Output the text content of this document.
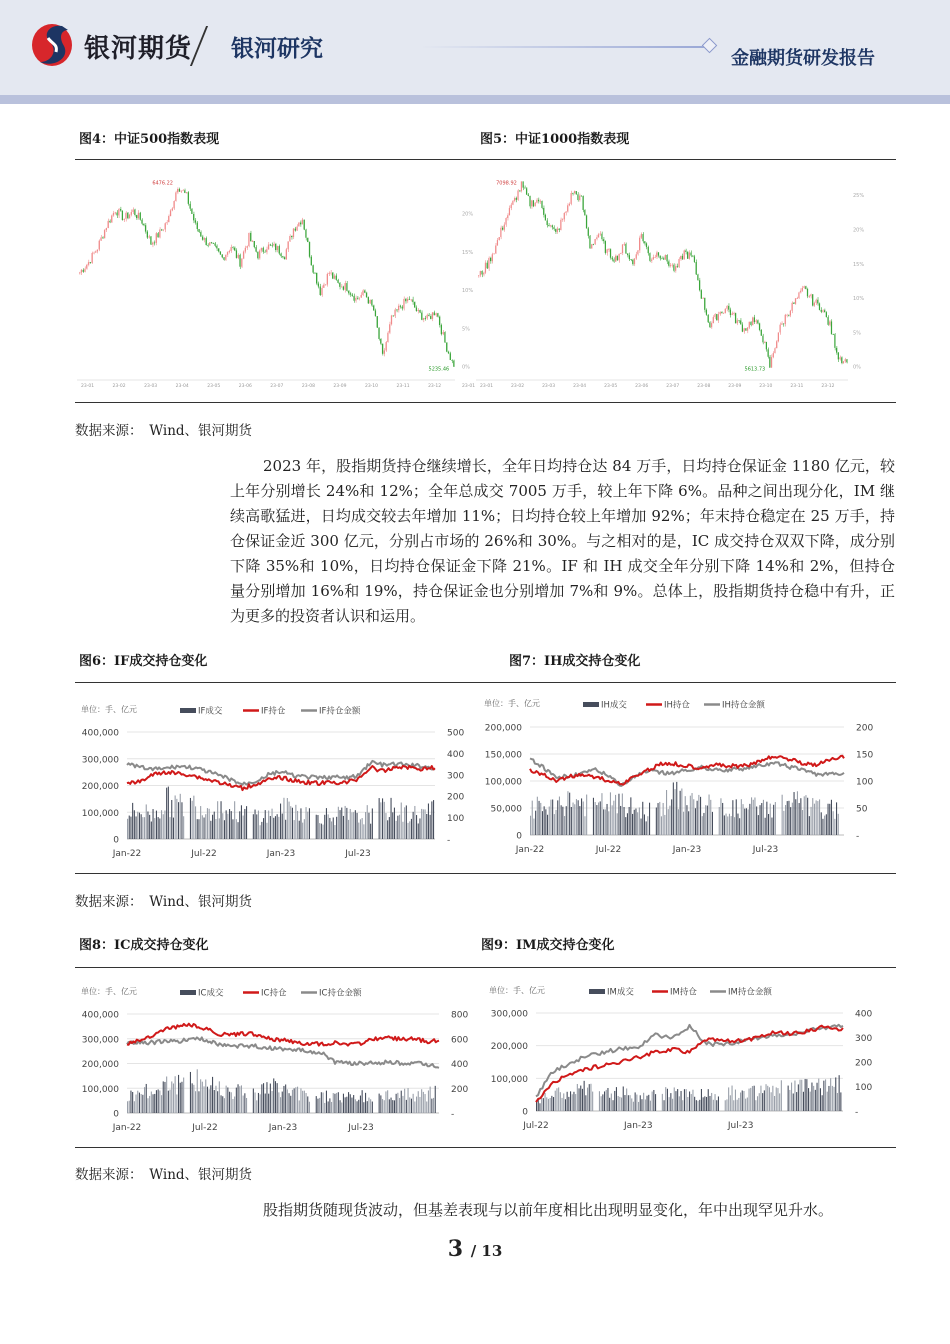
银河期货 银河研究	金融期货研发报告
图4：中证500指数表现	图5：中证1000指数表现
0%
5%
10%
15%
20%
6476.22
5235.46
23-01	23-02	23-03	23-04	23-05	23-06	23-07	23-08	23-09	23-10	23-11	23-12	23-01
0%
5%
10%
15%
20%
25%
7098.92
5613.73
23-01	23-02	23-03	23-04	23-05	23-06	23-07	23-08	23-09	23-10	23-11	23-12
数据来源：　Wind、银河期货

2023 年，股指期货持仓继续增长，全年日均持仓达 84 万手，日均持仓保证金 1180 亿元，较上年分别增长 24%和 12%；全年总成交 7005 万手，较上年下降 6%。品种之间出现分化，IM 继续高歌猛进，日均成交较去年增加 11%；日均持仓较上年增加 92%；年末持仓稳定在 25 万手，持仓保证金近 300 亿元，分别占市场的 26%和 30%。与之相对的是，IC 成交持仓双双下降，成分别下降 35%和 10%，日均持仓保证金下降 21%。IF 和 IH 成交全年分别下降 14%和 2%，但持仓量分别增加 16%和 19%，持仓保证金也分别增加 7%和 9%。总体上，股指期货持仓稳中有升，正为更多的投资者认识和运用。

图6：IF成交持仓变化	图7：IH成交持仓变化
单位：手、亿元	IF成交	IF持仓	IF持仓金额
0
100,000
200,000
300,000
400,000
-
100
200
300
400
500
Jan-22	Jul-22	Jan-23	Jul-23
单位：手、亿元	IH成交	IH持仓	IH持仓金额
0
50,000
100,000
150,000
200,000
-
50
100
150
200
Jan-22	Jul-22	Jan-23	Jul-23
数据来源：　Wind、银河期货
图8：IC成交持仓变化	图9：IM成交持仓变化
单位：手、亿元	IC成交	IC持仓	IC持仓金额
0
100,000
200,000
300,000
400,000
-
200
400
600
800
Jan-22	Jul-22	Jan-23	Jul-23
单位：手、亿元	IM成交	IM持仓	IM持仓金额
0
100,000
200,000
300,000
-
100
200
300
400
Jul-22	Jan-23	Jul-23
数据来源：　Wind、银河期货
股指期货随现货波动，但基差表现与以前年度相比出现明显变化，年中出现罕见升水。
3 / 13
